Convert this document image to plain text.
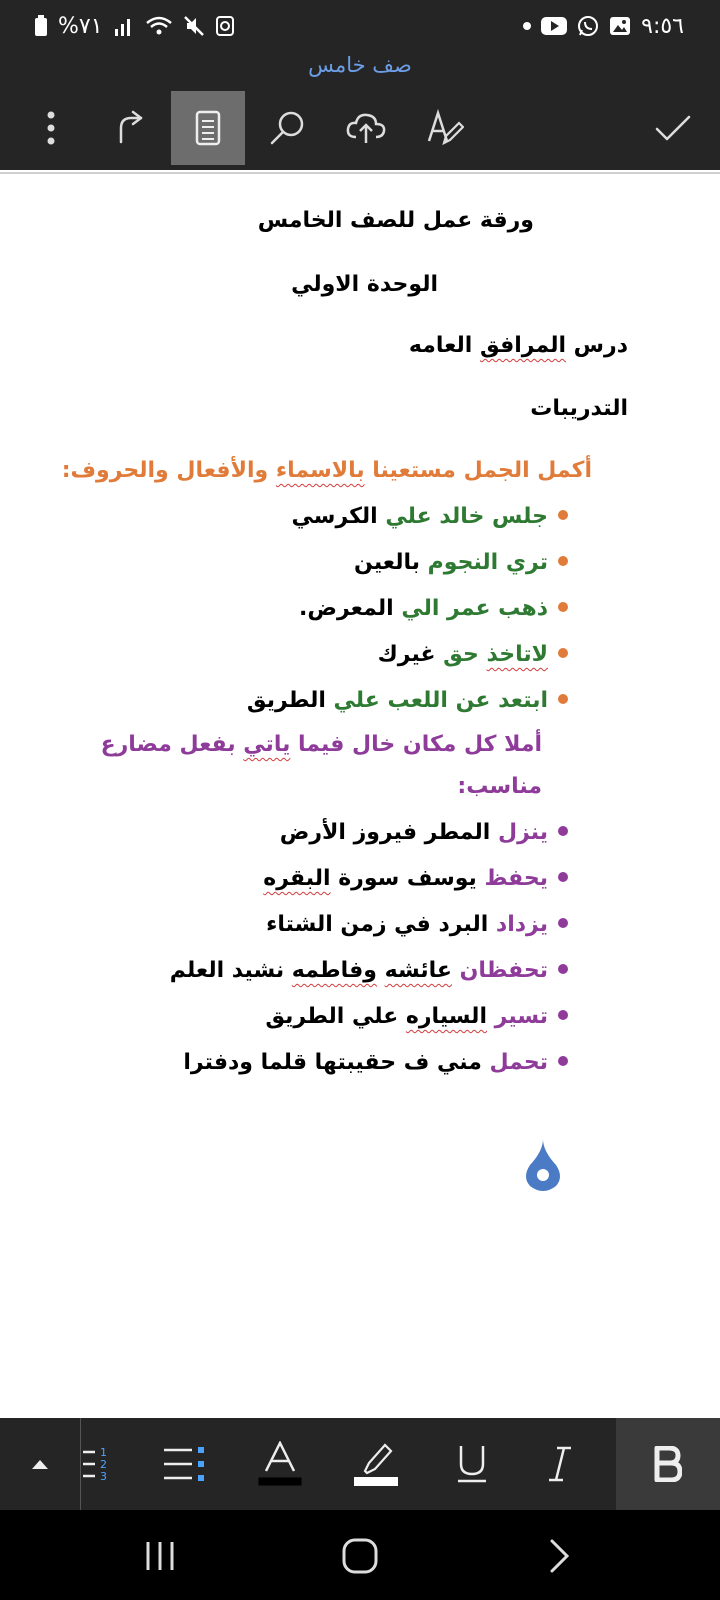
%٧١	٩:٥٦
صف خامس
ورقة عمل للصف الخامس
الوحدة الاولي
درس المرافق العامه
التدريبات
أكمل الجمل مستعينا بالاسماء والأفعال والحروف:
جلس خالد علي الكرسي
تري النجوم بالعين
ذهب عمر الي المعرض.
لاتاخذ حق غيرك
ابتعد عن اللعب علي الطريق
أملا كل مكان خال فيما ياتي بفعل مضارع
مناسب:
ينزل المطر فيروز الأرض
يحفظ يوسف سورة البقره
يزداد البرد في زمن الشتاء
تحفظان عائشه وفاطمه نشيد العلم
تسير السياره علي الطريق
تحمل مني ف حقيبتها قلما ودفترا
1
2
3
